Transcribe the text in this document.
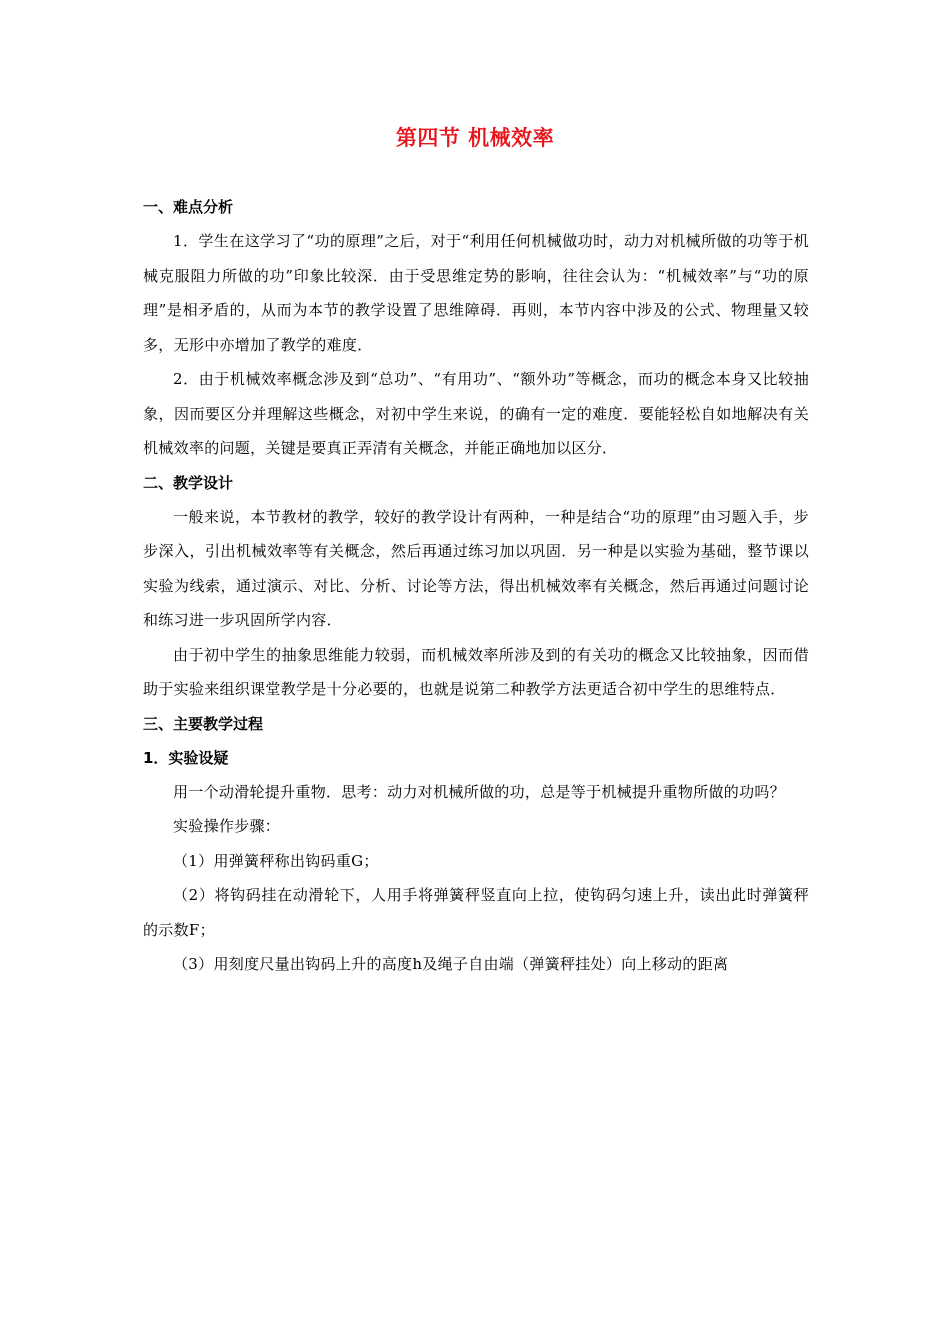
第四节 机械效率
一、难点分析

1．学生在这学习了“功的原理”之后，对于“利用任何机械做功时，动力对机械所做的功等于机械克服阻力所做的功”印象比较深．由于受思维定势的影响，往往会认为：“机械效率”与“功的原理”是相矛盾的，从而为本节的教学设置了思维障碍．再则，本节内容中涉及的公式、物理量又较多，无形中亦增加了教学的难度．

2．由于机械效率概念涉及到“总功”、“有用功”、“额外功”等概念，而功的概念本身又比较抽象，因而要区分并理解这些概念，对初中学生来说，的确有一定的难度．要能轻松自如地解决有关机械效率的问题，关键是要真正弄清有关概念，并能正确地加以区分．

二、教学设计

一般来说，本节教材的教学，较好的教学设计有两种，一种是结合“功的原理”由习题入手，步步深入，引出机械效率等有关概念，然后再通过练习加以巩固．另一种是以实验为基础，整节课以实验为线索，通过演示、对比、分析、讨论等方法，得出机械效率有关概念，然后再通过问题讨论和练习进一步巩固所学内容．

由于初中学生的抽象思维能力较弱，而机械效率所涉及到的有关功的概念又比较抽象，因而借助于实验来组织课堂教学是十分必要的，也就是说第二种教学方法更适合初中学生的思维特点．

三、主要教学过程
1．实验设疑

用一个动滑轮提升重物．思考：动力对机械所做的功，总是等于机械提升重物所做的功吗？

实验操作步骤：

（1）用弹簧秤称出钩码重G；

（2）将钩码挂在动滑轮下，人用手将弹簧秤竖直向上拉，使钩码匀速上升，读出此时弹簧秤的示数F；

（3）用刻度尺量出钩码上升的高度h及绳子自由端（弹簧秤挂处）向上移动的距离
